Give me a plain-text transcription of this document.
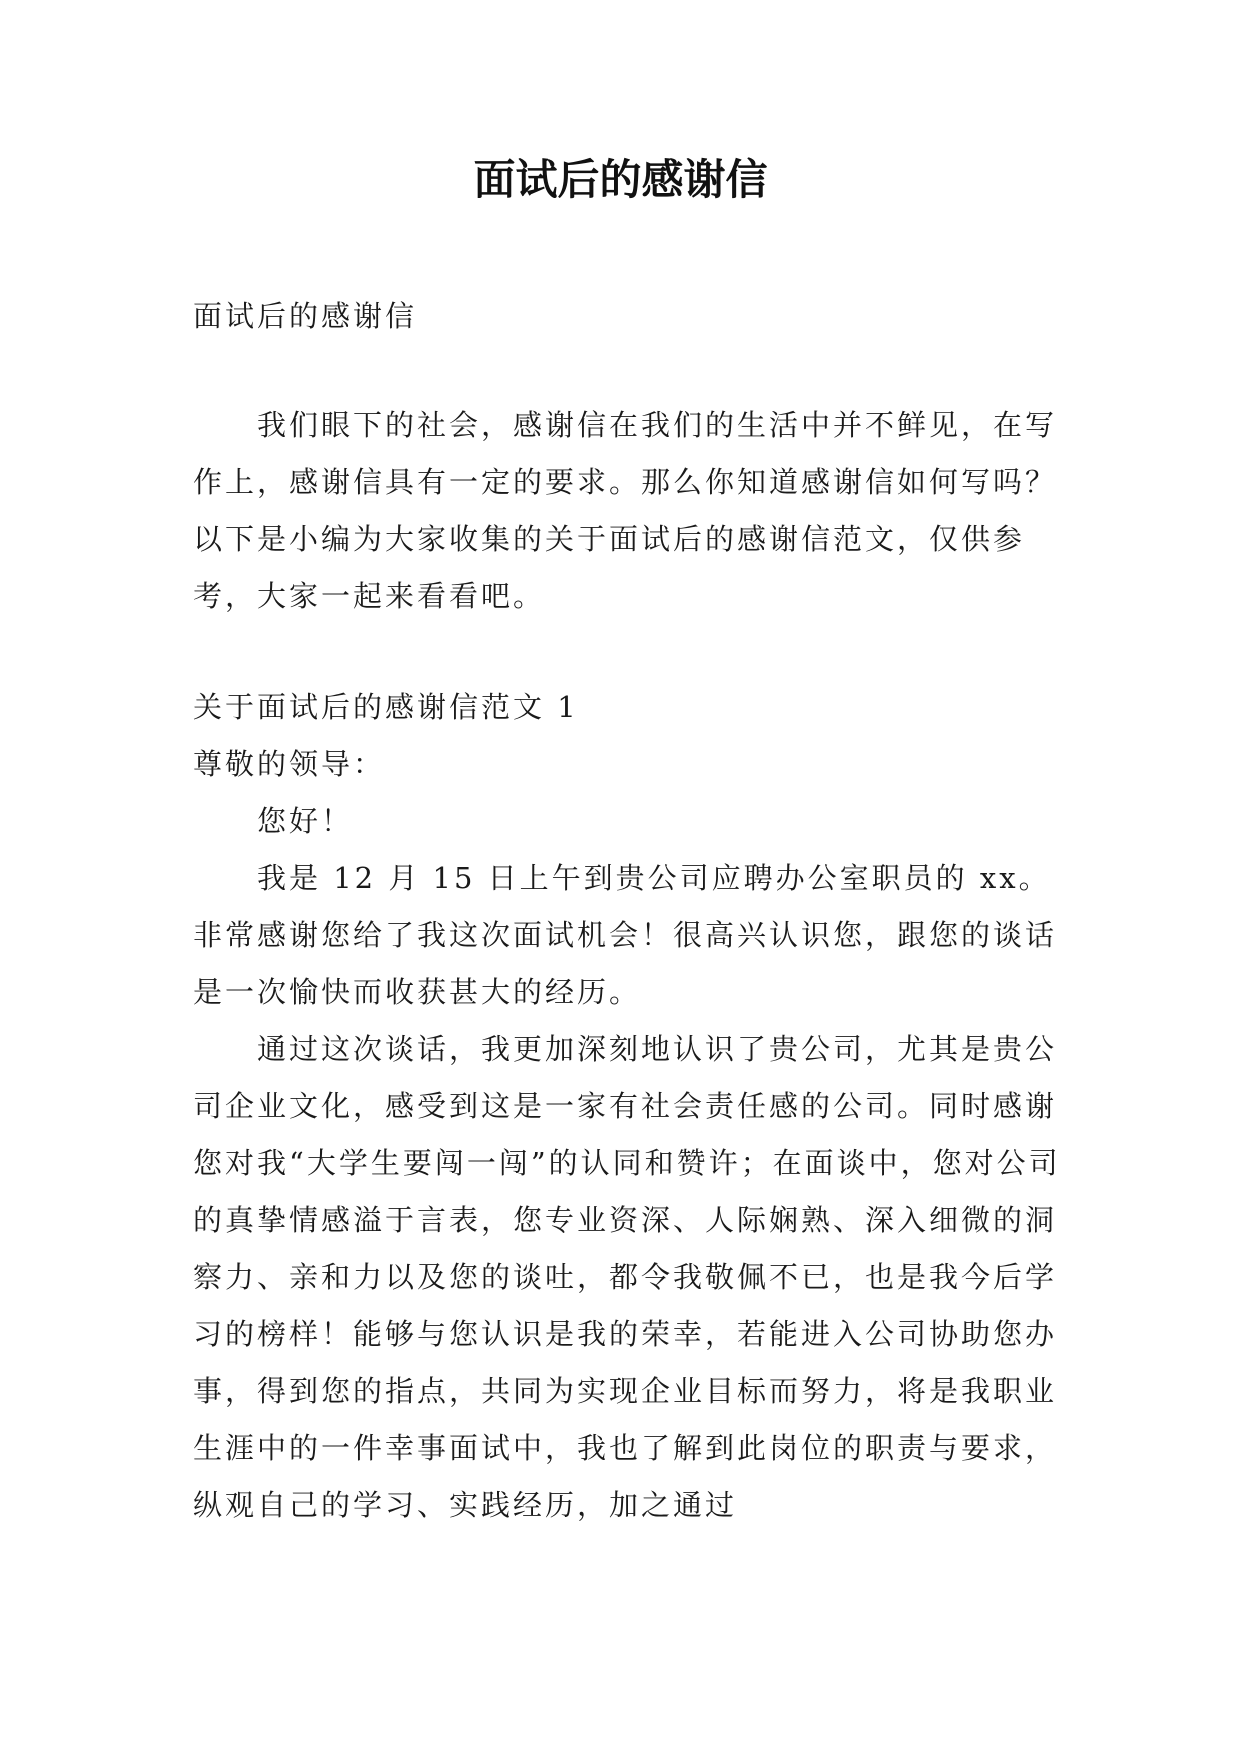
面试后的感谢信

面试后的感谢信

我们眼下的社会，感谢信在我们的生活中并不鲜见，在写作上，感谢信具有一定的要求。那么你知道感谢信如何写吗？以下是小编为大家收集的关于面试后的感谢信范文，仅供参考，大家一起来看看吧。

关于面试后的感谢信范文 1

尊敬的领导：

您好！

我是 12 月 15 日上午到贵公司应聘办公室职员的 xx。非常感谢您给了我这次面试机会！很高兴认识您，跟您的谈话是一次愉快而收获甚大的经历。

通过这次谈话，我更加深刻地认识了贵公司，尤其是贵公司企业文化，感受到这是一家有社会责任感的公司。同时感谢您对我“大学生要闯一闯”的认同和赞许；在面谈中，您对公司的真挚情感溢于言表，您专业资深、人际娴熟、深入细微的洞察力、亲和力以及您的谈吐，都令我敬佩不已，也是我今后学习的榜样！能够与您认识是我的荣幸，若能进入公司协助您办事，得到您的指点，共同为实现企业目标而努力，将是我职业生涯中的一件幸事面试中，我也了解到此岗位的职责与要求，纵观自己的学习、实践经历，加之通过
